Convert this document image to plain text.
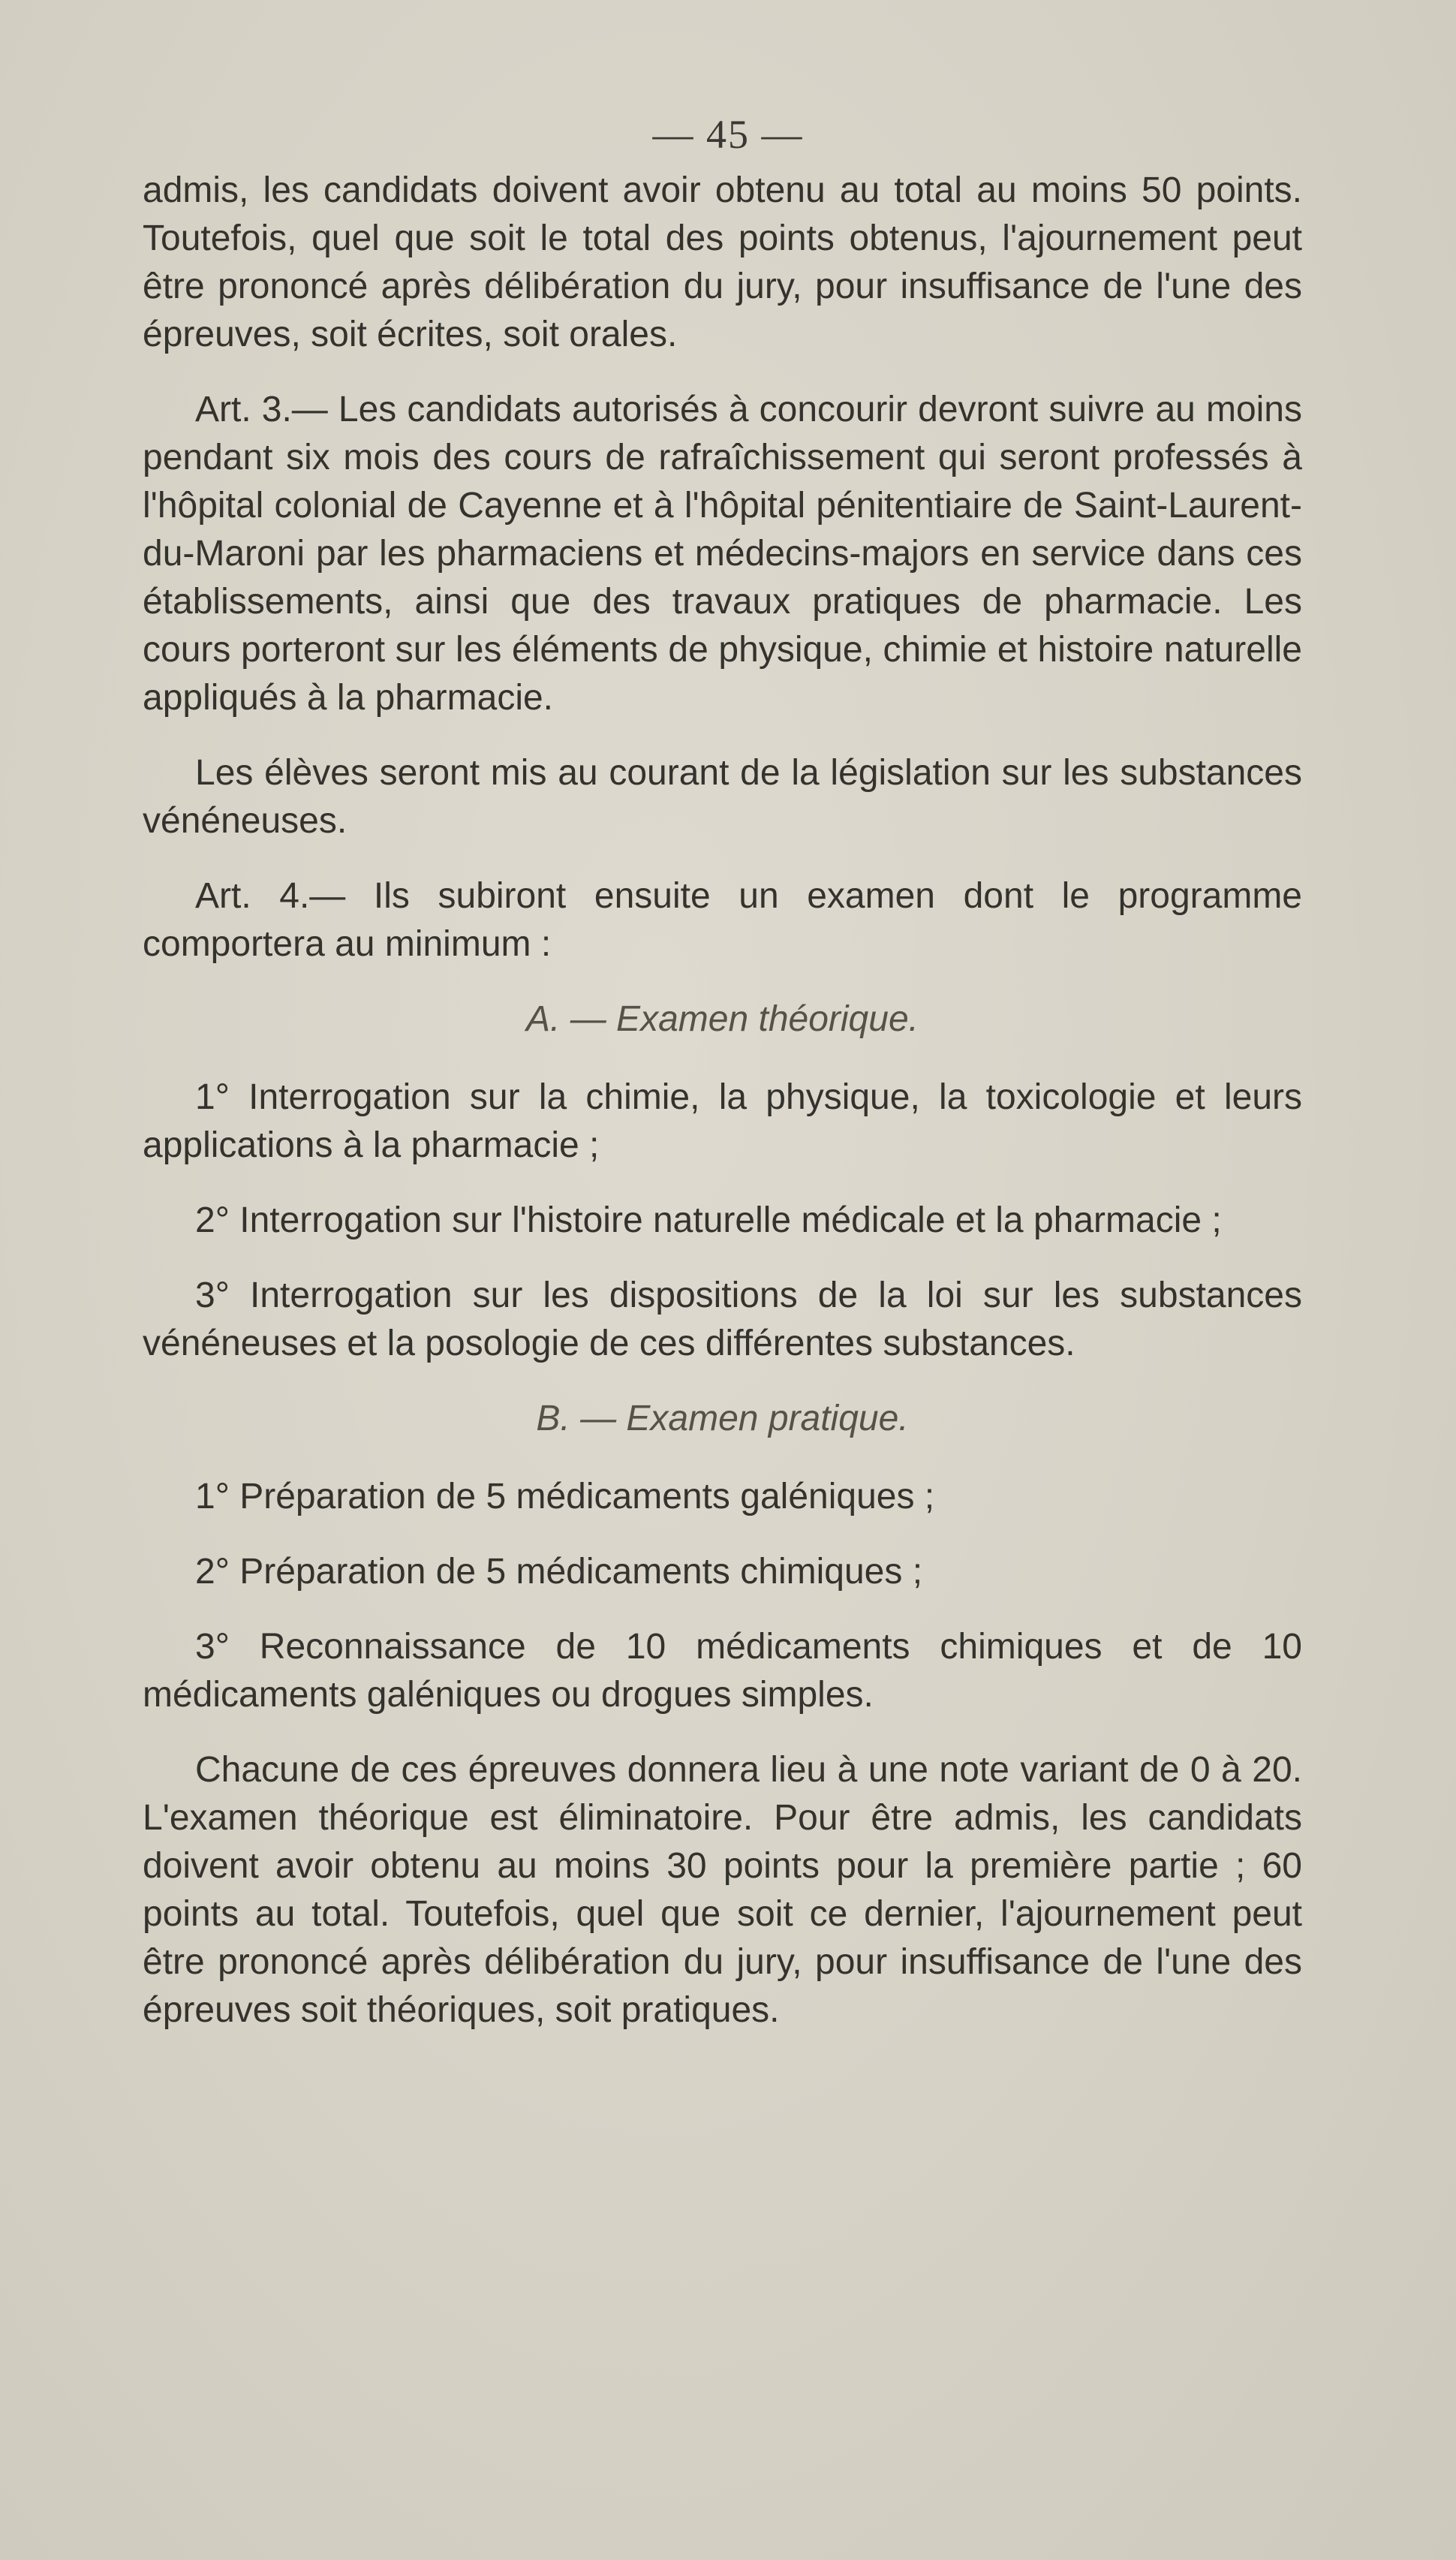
— 45 —

admis, les candidats doivent avoir obtenu au total au moins 50 points. Toutefois, quel que soit le total des points obtenus, l'ajournement peut être prononcé après délibération du jury, pour insuffisance de l'une des épreuves, soit écrites, soit orales.

Art. 3.— Les candidats autorisés à concourir devront suivre au moins pendant six mois des cours de rafraîchissement qui seront professés à l'hôpital colonial de Cayenne et à l'hôpital pénitentiaire de Saint-Laurent-du-Maroni par les pharmaciens et médecins-majors en service dans ces établissements, ainsi que des travaux pratiques de pharmacie. Les cours porteront sur les éléments de physique, chimie et histoire naturelle appliqués à la pharmacie.

Les élèves seront mis au courant de la législation sur les substances vénéneuses.

Art. 4.— Ils subiront ensuite un examen dont le programme comportera au minimum :

A. — Examen théorique.

1° Interrogation sur la chimie, la physique, la toxicologie et leurs applications à la pharmacie ;

2° Interrogation sur l'histoire naturelle médicale et la pharmacie ;

3° Interrogation sur les dispositions de la loi sur les substances vénéneuses et la posologie de ces différentes substances.

B. — Examen pratique.

1° Préparation de 5 médicaments galéniques ;

2° Préparation de 5 médicaments chimiques ;

3° Reconnaissance de 10 médicaments chimiques et de 10 médicaments galéniques ou drogues simples.

Chacune de ces épreuves donnera lieu à une note variant de 0 à 20. L'examen théorique est éliminatoire. Pour être admis, les candidats doivent avoir obtenu au moins 30 points pour la première partie ; 60 points au total. Toutefois, quel que soit ce dernier, l'ajournement peut être prononcé après délibération du jury, pour insuffisance de l'une des épreuves soit théoriques, soit pratiques.
